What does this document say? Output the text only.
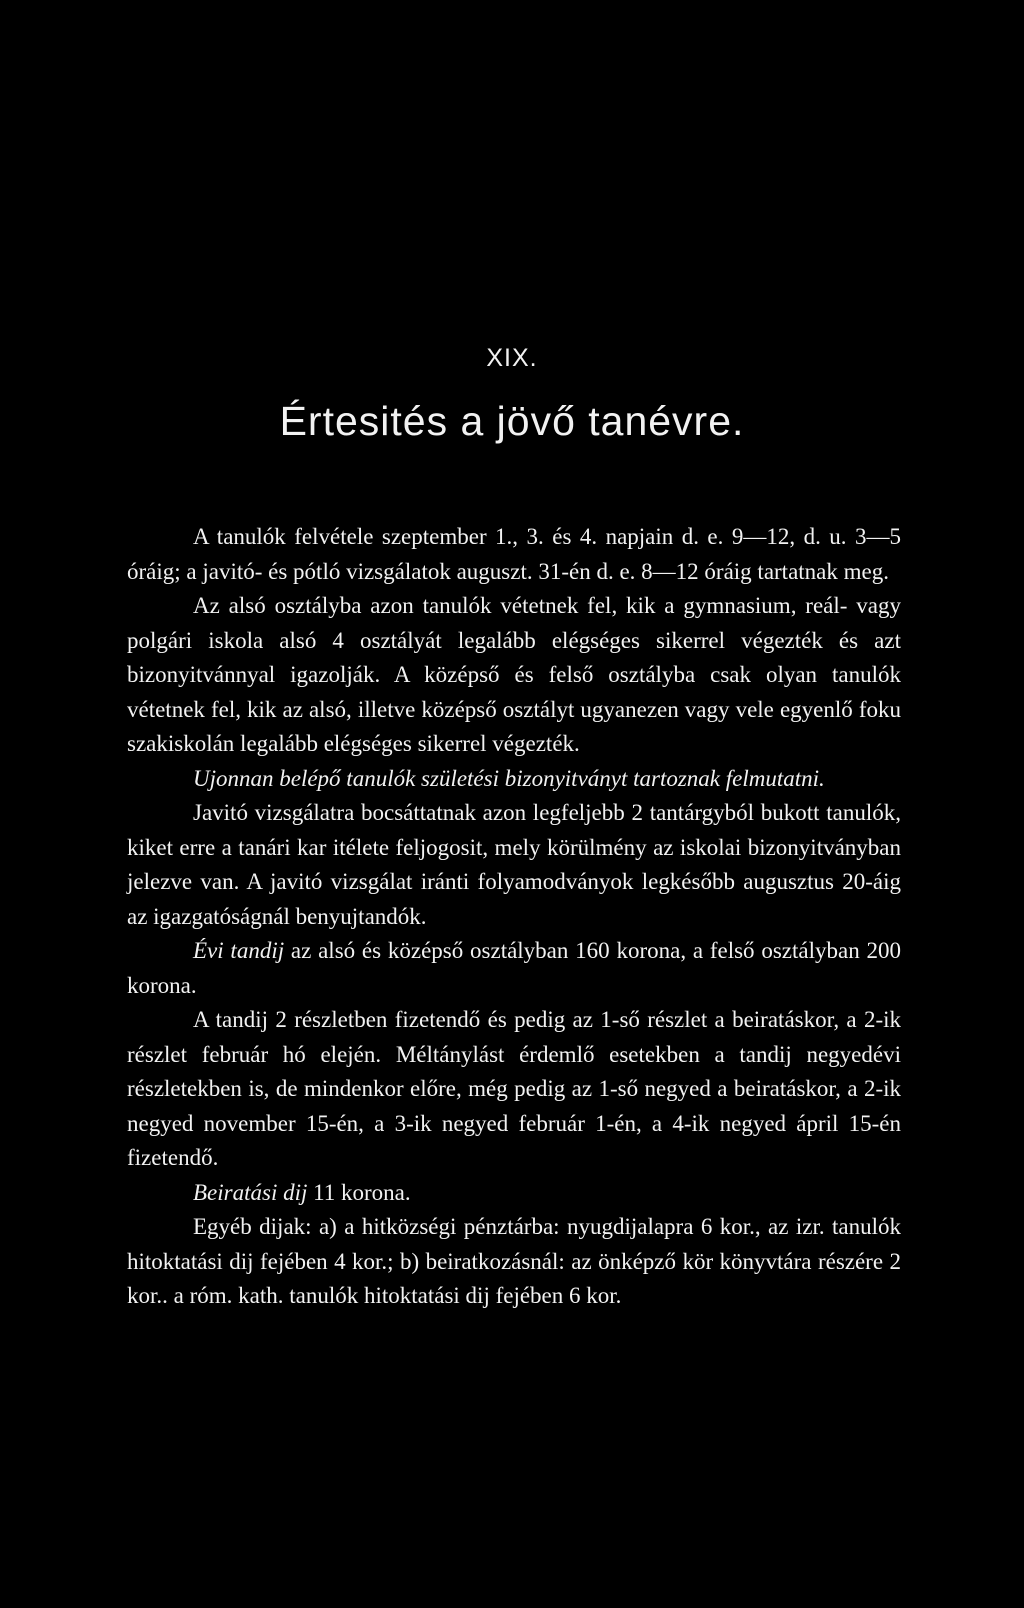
XIX.
Értesités a jövő tanévre.

A tanulók felvétele szeptember 1., 3. és 4. napjain d. e. 9—12, d. u. 3—5 óráig; a javitó- és pótló vizsgálatok auguszt. 31-én d. e. 8—12 óráig tartatnak meg.

Az alsó osztályba azon tanulók vétetnek fel, kik a gymnasium, reál- vagy polgári iskola alsó 4 osztályát legalább elégséges sikerrel végezték és azt bizonyitvánnyal igazolják. A középső és felső osztályba csak olyan tanulók vétetnek fel, kik az alsó, illetve középső osztályt ugyanezen vagy vele egyenlő foku szakiskolán legalább elégséges sikerrel végezték.

Ujonnan belépő tanulók születési bizonyitványt tartoznak felmutatni.

Javitó vizsgálatra bocsáttatnak azon legfeljebb 2 tantárgyból bukott tanulók, kiket erre a tanári kar itélete feljogosit, mely körülmény az iskolai bizonyitványban jelezve van. A javitó vizsgálat iránti folyamodványok legkésőbb augusztus 20-áig az igazgatóságnál benyujtandók.

Évi tandij az alsó és középső osztályban 160 korona, a felső osztályban 200 korona.

A tandij 2 részletben fizetendő és pedig az 1-ső részlet a beiratáskor, a 2-ik részlet február hó elején. Méltánylást érdemlő esetekben a tandij negyedévi részletekben is, de mindenkor előre, még pedig az 1-ső negyed a beiratáskor, a 2-ik negyed november 15-én, a 3-ik negyed február 1-én, a 4-ik negyed ápril 15-én fizetendő.

Beiratási dij 11 korona.

Egyéb dijak: a) a hitközségi pénztárba: nyugdijalapra 6 kor., az izr. tanulók hitoktatási dij fejében 4 kor.; b) beiratkozásnál: az önképző kör könyvtára részére 2 kor.. a róm. kath. tanulók hitoktatási dij fejében 6 kor.
